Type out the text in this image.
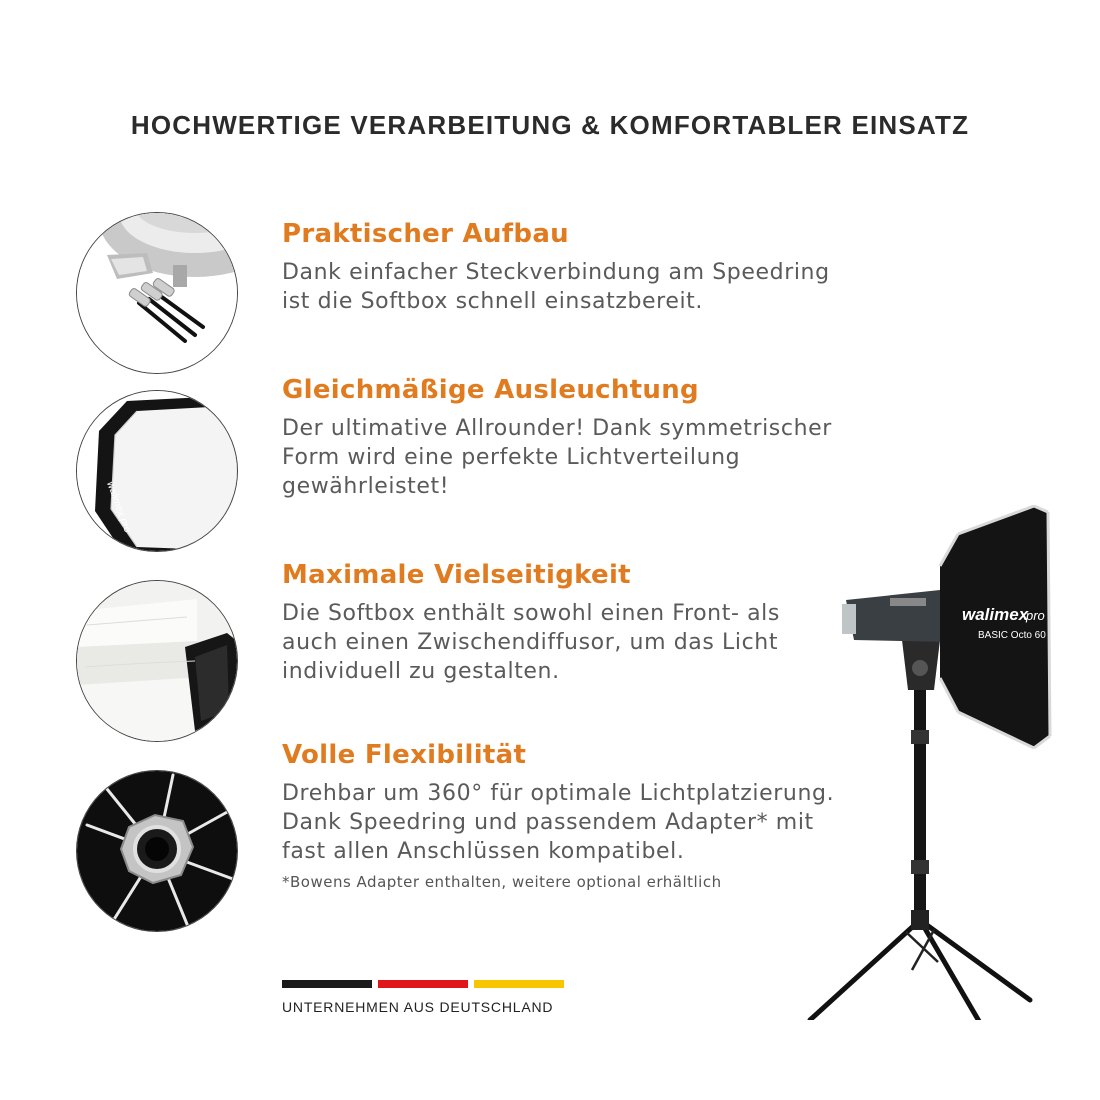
HOCHWERTIGE VERARBEITUNG & KOMFORTABLER EINSATZ
walimex pro
Praktischer Aufbau

Dank einfacher Steckverbindung am Speedring
ist die Softbox schnell einsatzbereit.

Gleichmäßige Ausleuchtung

Der ultimative Allrounder! Dank symmetrischer
Form wird eine perfekte Lichtverteilung
gewährleistet!

Maximale Vielseitigkeit

Die Softbox enthält sowohl einen Front- als
auch einen Zwischendiffusor, um das Licht
individuell zu gestalten.

Volle Flexibilität

Drehbar um 360° für optimale Lichtplatzierung.
Dank Speedring und passendem Adapter* mit
fast allen Anschlüssen kompatibel.

*Bowens Adapter enthalten, weitere optional erhältlich

UNTERNEHMEN AUS DEUTSCHLAND
walimex
pro
BASIC Octo 60
